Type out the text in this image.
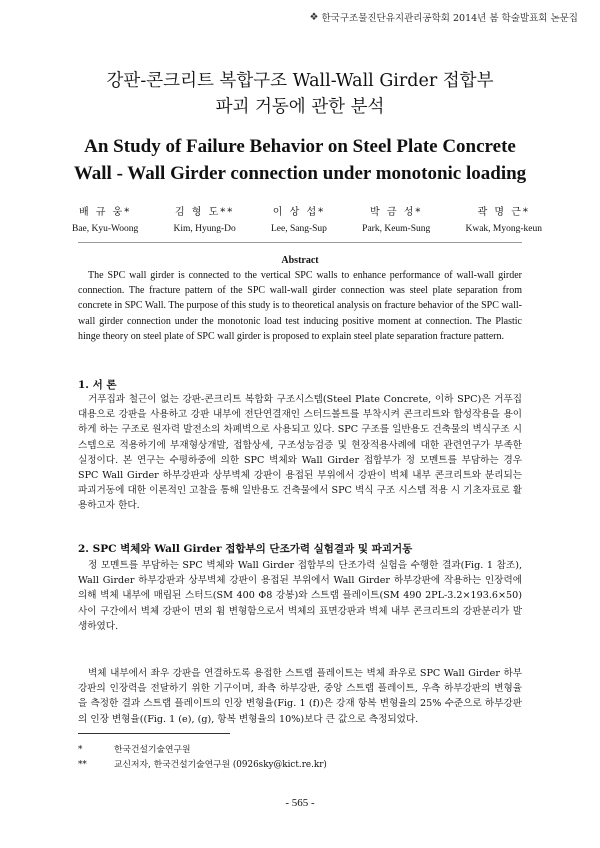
❖ 한국구조물진단유지관리공학회 2014년 봄 학술발표회 논문집
강판-콘크리트 복합구조 Wall-Wall Girder 접합부
파괴 거동에 관한 분석
An Study of Failure Behavior on Steel Plate Concrete
Wall - Wall Girder connection under monotonic loading
배 규 웅*
Bae, Kyu-Woong
김 형 도**
Kim, Hyung-Do
이 상 섭*
Lee, Sang-Sup
박 금 성*
Park, Keum-Sung
곽 명 근*
Kwak, Myong-keun
Abstract
The SPC wall girder is connected to the vertical SPC walls to enhance performance of wall-wall girder connection. The fracture pattern of the SPC wall-wall girder connection was steel plate separation from concrete in SPC Wall. The purpose of this study is to theoretical analysis on fracture behavior of the SPC wall-wall girder connection under the monotonic load test inducing positive moment at connection. The Plastic hinge theory on steel plate of SPC wall girder is proposed to explain steel plate separation fracture pattern.
1. 서 론
거푸집과 철근이 없는 강판-콘크리트 복합화 구조시스템(Steel Plate Concrete, 이하 SPC)은 거푸집 대용으로 강판을 사용하고 강판 내부에 전단연결재인 스터드볼트를 부착시켜 콘크리트와 합성작용을 용이하게 하는 구조로 원자력 발전소의 차폐벽으로 사용되고 있다. SPC 구조를 일반용도 건축물의 벽식구조 시스템으로 적용하기에 부재형상개발, 접합상세, 구조성능검증 및 현장적용사례에 대한 관련연구가 부족한 실정이다. 본 연구는 수평하중에 의한 SPC 벽체와 Wall Girder 접합부가 정 모멘트를 부담하는 경우 SPC Wall Girder 하부강판과 상부벽체 강판이 용접된 부위에서 강판이 벽체 내부 콘크리트와 분리되는 파괴거동에 대한 이론적인 고찰을 통해 일반용도 건축물에서 SPC 벽식 구조 시스템 적용 시 기초자료로 활용하고자 한다.
2. SPC 벽체와 Wall Girder 접합부의 단조가력 실험결과 및 파괴거동
정 모멘트를 부담하는 SPC 벽체와 Wall Girder 접합부의 단조가력 실험을 수행한 결과(Fig. 1 참조), Wall Girder 하부강판과 상부벽체 강판이 용접된 부위에서 Wall Girder 하부강판에 작용하는 인장력에 의해 벽체 내부에 매립된 스터드(SM 400 Φ8 강봉)와 스트랩 플레이트(SM 490 2PL-3.2×193.6×50) 사이 구간에서 벽체 강판이 면외 휨 변형함으로서 벽체의 표면강판과 벽체 내부 콘크리트의 강판분리가 발생하였다.
벽체 내부에서 좌우 강판을 연결하도록 용접한 스트랩 플레이트는 벽체 좌우로 SPC Wall Girder 하부강판의 인장력을 전달하기 위한 기구이며, 좌측 하부강판, 중앙 스트랩 플레이트, 우측 하부강판의 변형율을 측정한 결과 스트랩 플레이트의 인장 변형율(Fig. 1 (f))은 강재 항복 변형율의 25% 수준으로 하부강판의 인장 변형율((Fig. 1 (e), (g), 항복 변형율의 10%)보다 큰 값으로 측정되었다.
*	한국건설기술연구원
**	교신저자, 한국건설기술연구원 (0926sky@kict.re.kr)
- 565 -
